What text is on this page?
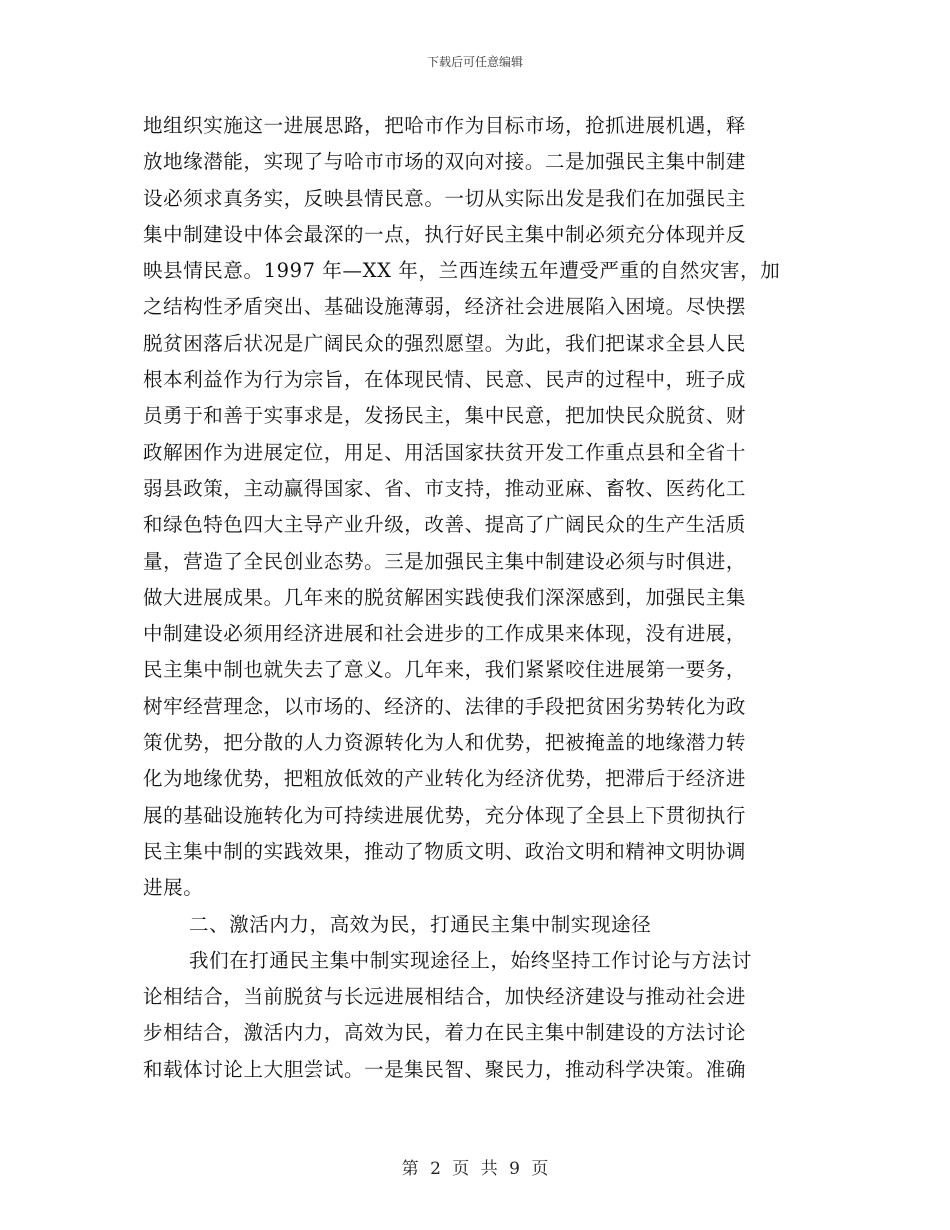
下载后可任意编辑
地组织实施这一进展思路，把哈市作为目标市场，抢抓进展机遇，释
放地缘潜能，实现了与哈市市场的双向对接。二是加强民主集中制建
设必须求真务实，反映县情民意。一切从实际出发是我们在加强民主
集中制建设中体会最深的一点，执行好民主集中制必须充分体现并反
映县情民意。1997 年—XX 年，兰西连续五年遭受严重的自然灾害，加
之结构性矛盾突出、基础设施薄弱，经济社会进展陷入困境。尽快摆
脱贫困落后状况是广阔民众的强烈愿望。为此，我们把谋求全县人民
根本利益作为行为宗旨，在体现民情、民意、民声的过程中，班子成
员勇于和善于实事求是，发扬民主，集中民意，把加快民众脱贫、财
政解困作为进展定位，用足、用活国家扶贫开发工作重点县和全省十
弱县政策，主动赢得国家、省、市支持，推动亚麻、畜牧、医药化工
和绿色特色四大主导产业升级，改善、提高了广阔民众的生产生活质
量，营造了全民创业态势。三是加强民主集中制建设必须与时俱进，
做大进展成果。几年来的脱贫解困实践使我们深深感到，加强民主集
中制建设必须用经济进展和社会进步的工作成果来体现，没有进展，
民主集中制也就失去了意义。几年来，我们紧紧咬住进展第一要务，
树牢经营理念，以市场的、经济的、法律的手段把贫困劣势转化为政
策优势，把分散的人力资源转化为人和优势，把被掩盖的地缘潜力转
化为地缘优势，把粗放低效的产业转化为经济优势，把滞后于经济进
展的基础设施转化为可持续进展优势，充分体现了全县上下贯彻执行
民主集中制的实践效果，推动了物质文明、政治文明和精神文明协调
进展。
二、激活内力，高效为民，打通民主集中制实现途径
我们在打通民主集中制实现途径上，始终坚持工作讨论与方法讨
论相结合，当前脱贫与长远进展相结合，加快经济建设与推动社会进
步相结合，激活内力，高效为民，着力在民主集中制建设的方法讨论
和载体讨论上大胆尝试。一是集民智、聚民力，推动科学决策。准确
第 2 页 共 9 页
